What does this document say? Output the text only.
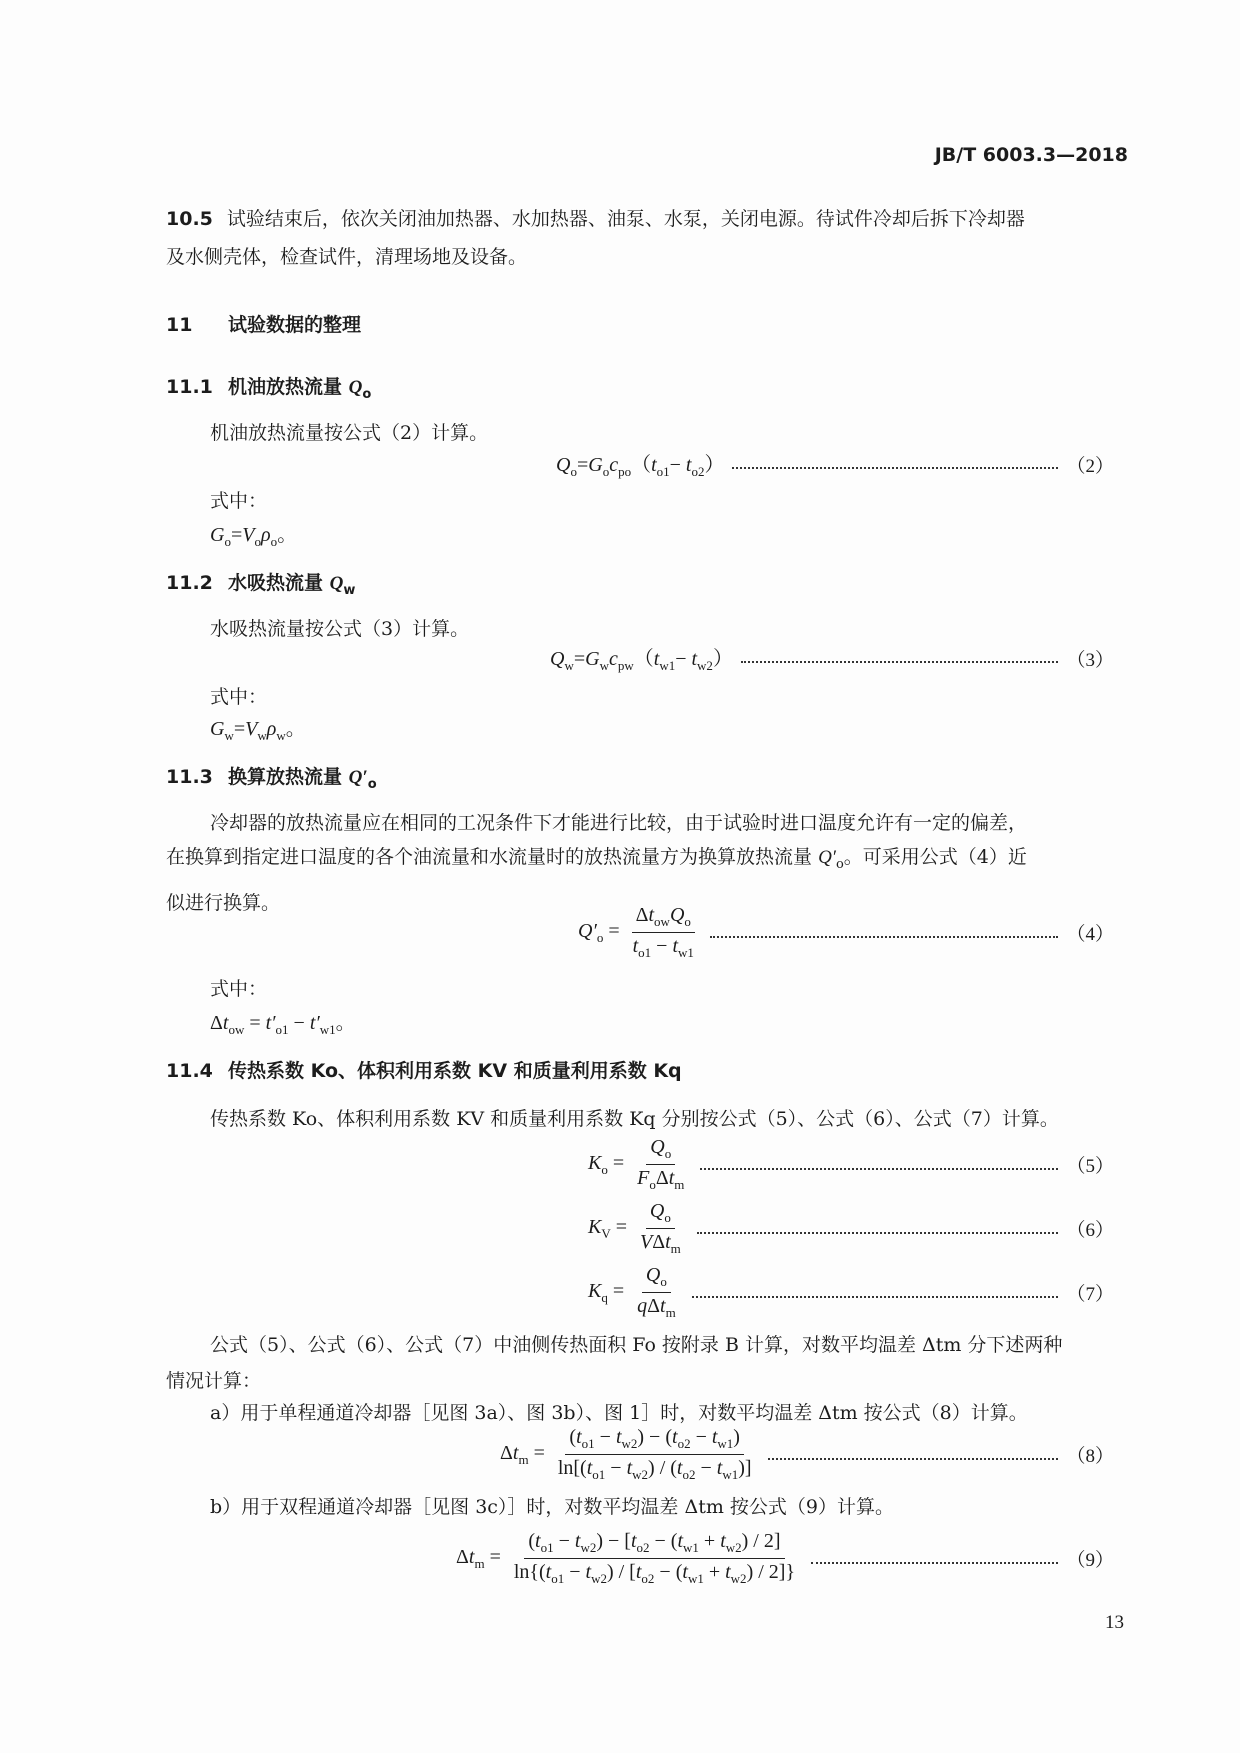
JB/T 6003.3—2018
10.5 试验结束后，依次关闭油加热器、水加热器、油泵、水泵，关闭电源。待试件冷却后拆下冷却器
及水侧壳体，检查试件，清理场地及设备。
11 试验数据的整理
11.1 机油放热流量 $Q_o$
机油放热流量按公式（2）计算。
$Q_o=G_oc_{po}(t_{o1}- t_{o2})$	（2）
式中：
$G_o=V_o\rho_o$。
11.2 水吸热流量 $Q_w$
水吸热流量按公式（3）计算。
$Q_w=G_wc_{pw}(t_{w1}- t_{w2})$	（3）
式中：
$G_w=V_w\rho_w$。
11.3 换算放热流量 $Q'_o$
冷却器的放热流量应在相同的工况条件下才能进行比较，由于试验时进口温度允许有一定的偏差，
在换算到指定进口温度的各个油流量和水流量时的放热流量方为换算放热流量 $Q'_o$。可采用公式（4）近
似进行换算。
$Q'_o = \frac{\Delta t_{ow}Q_o}{t_{o1} - t_{w1}}$	（4）
式中：
$\Delta t_{ow} = t'_{o1} - t'_{w1}$。
11.4 传热系数 Ko、体积利用系数 KV 和质量利用系数 Kq
传热系数 Ko、体积利用系数 KV 和质量利用系数 Kq 分别按公式（5）、公式（6）、公式（7）计算。
$K_o = \frac{Q_o}{F_o\Delta t_m}$	（5）
$K_V = \frac{Q_o}{V\Delta t_m}$	（6）
$K_q = \frac{Q_o}{q\Delta t_m}$	（7）
公式（5）、公式（6）、公式（7）中油侧传热面积 Fo 按附录 B 计算，对数平均温差 Δtm 分下述两种
情况计算：
a）用于单程通道冷却器［见图 3a）、图 3b）、图 1］时，对数平均温差 Δtm 按公式（8）计算。
$\Delta t_m = \frac{(t_{o1} - t_{w2}) - (t_{o2} - t_{w1})}{\ln[(t_{o1} - t_{w2}) / (t_{o2} - t_{w1})]}$	（8）
b）用于双程通道冷却器［见图 3c）］时，对数平均温差 Δtm 按公式（9）计算。
$\Delta t_m = \frac{(t_{o1} - t_{w2}) - [t_{o2} - (t_{w1} + t_{w2}) / 2]}{\ln\{(t_{o1} - t_{w2}) / [t_{o2} - (t_{w1} + t_{w2}) / 2]\}}$	（9）
13
